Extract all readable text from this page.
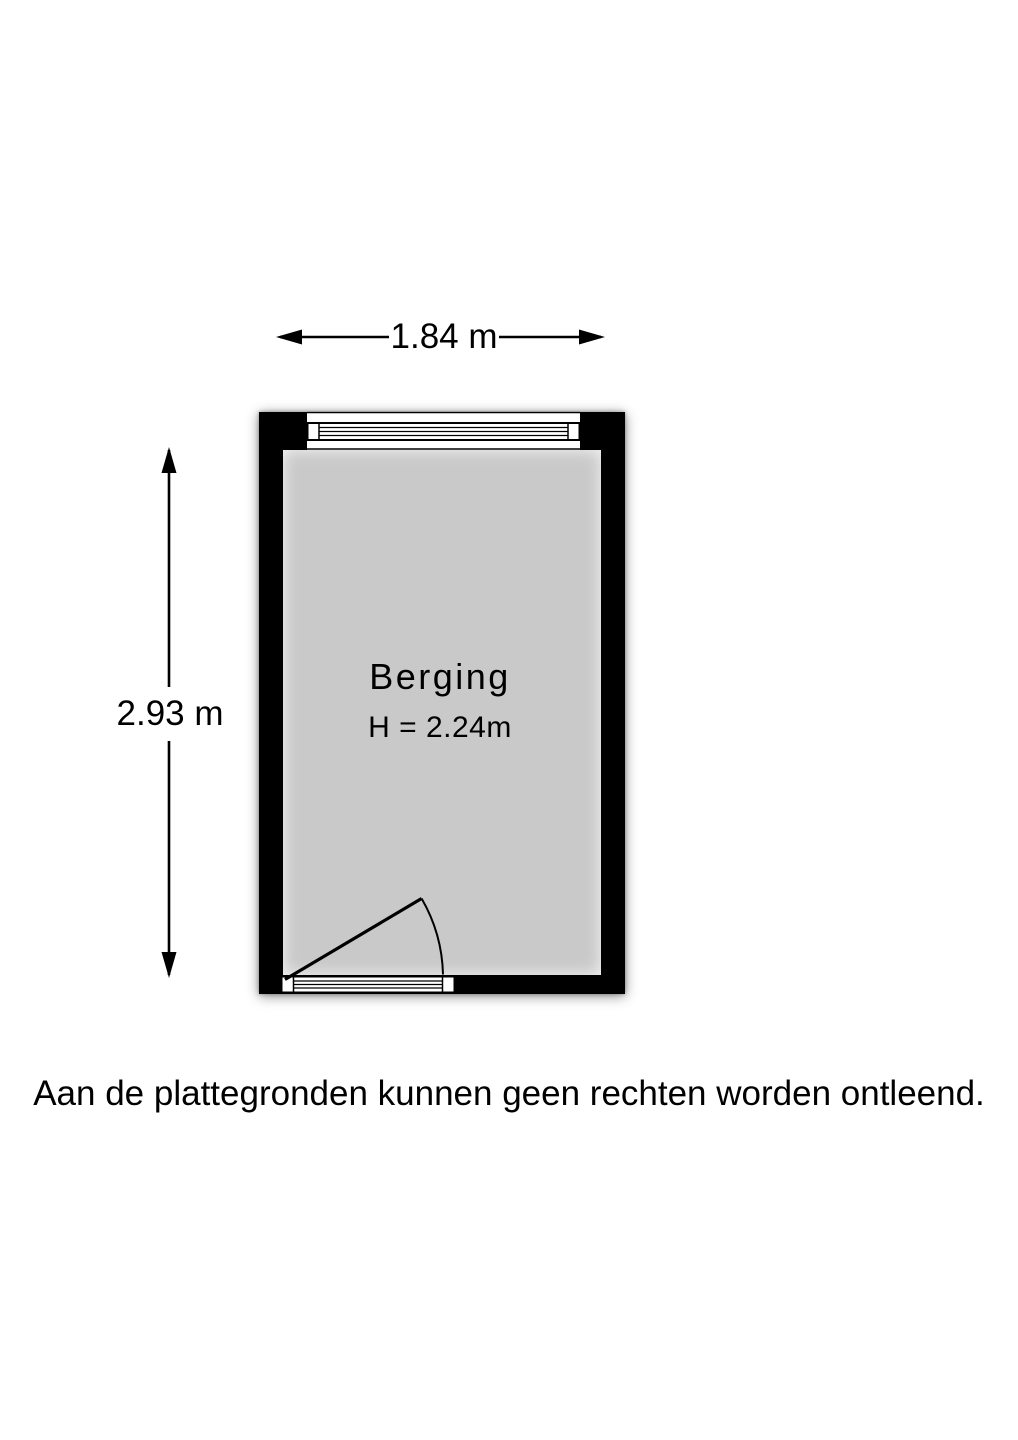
1.84 m
2.93 m
Berging
H = 2.24m
Aan de plattegronden kunnen geen rechten worden ontleend.
